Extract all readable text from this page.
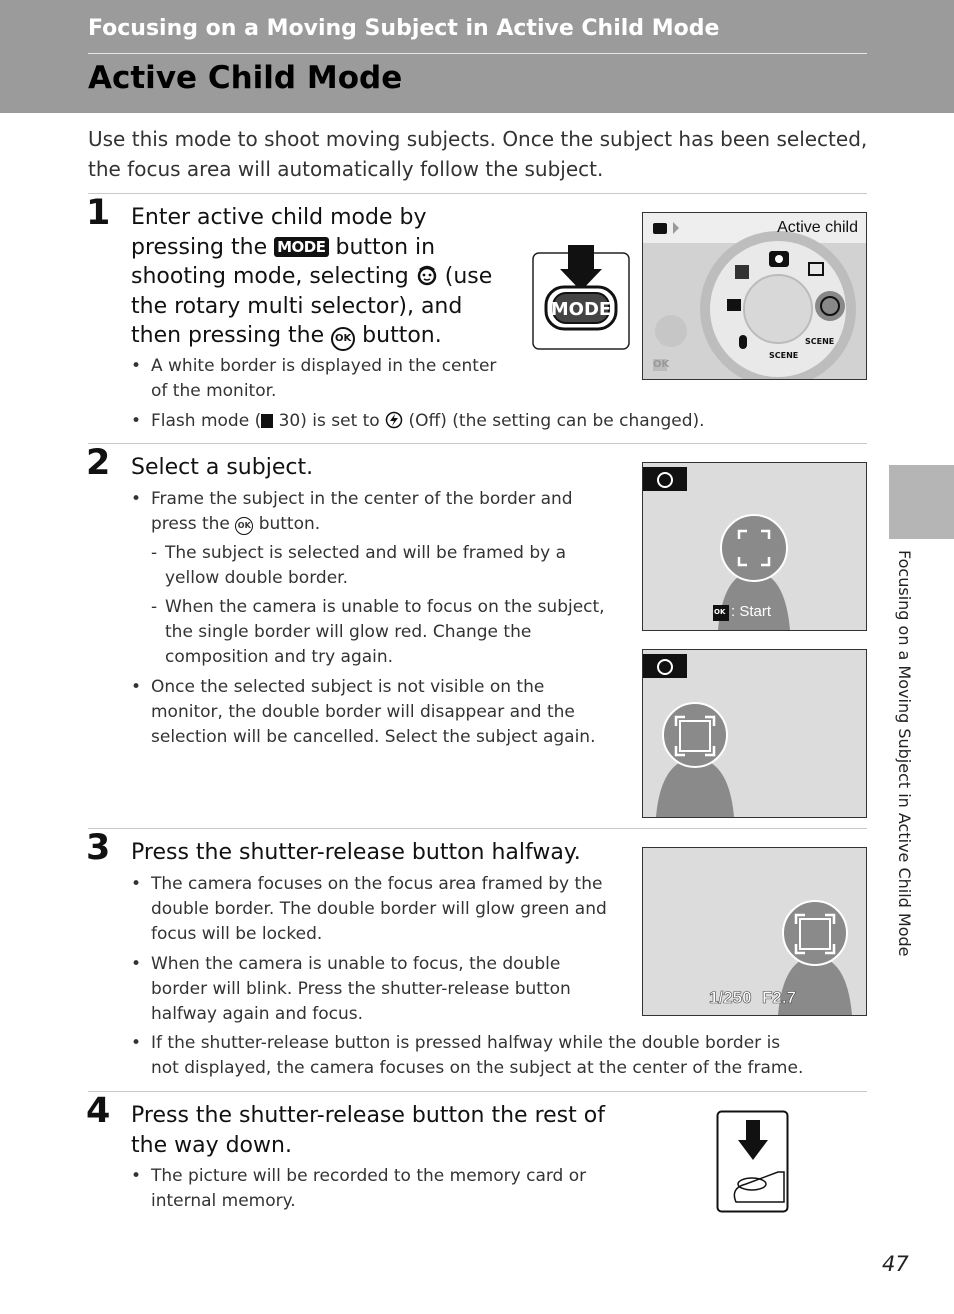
Focusing on a Moving Subject in Active Child Mode
Active Child Mode
Use this mode to shoot moving subjects. Once the subject has been selected, the focus area will automatically follow the subject.
1 Enter active child mode by pressing the MODE button in shooting mode, selecting (use the rotary multi selector), and then pressing the OK button.
MODE
Active child
SCENE
SCENE
OK
• A white border is displayed in the center of the monitor.
• Flash mode ( 30) is set to (Off) (the setting can be changed).
2 Select a subject.
• Frame the subject in the center of the border and press the OK button.
- The subject is selected and will be framed by a yellow double border.
- When the camera is unable to focus on the subject, the single border will glow red. Change the composition and try again.
• Once the selected subject is not visible on the monitor, the double border will disappear and the selection will be cancelled. Select the subject again.
OK : Start
3 Press the shutter-release button halfway.
• The camera focuses on the focus area framed by the double border. The double border will glow green and focus will be locked.
• When the camera is unable to focus, the double border will blink. Press the shutter-release button halfway again and focus.
• If the shutter-release button is pressed halfway while the double border is not displayed, the camera focuses on the subject at the center of the frame.
1/250 F2.7
4 Press the shutter-release button the rest of the way down.
• The picture will be recorded to the memory card or internal memory.
Focusing on a Moving Subject in Active Child Mode
47
